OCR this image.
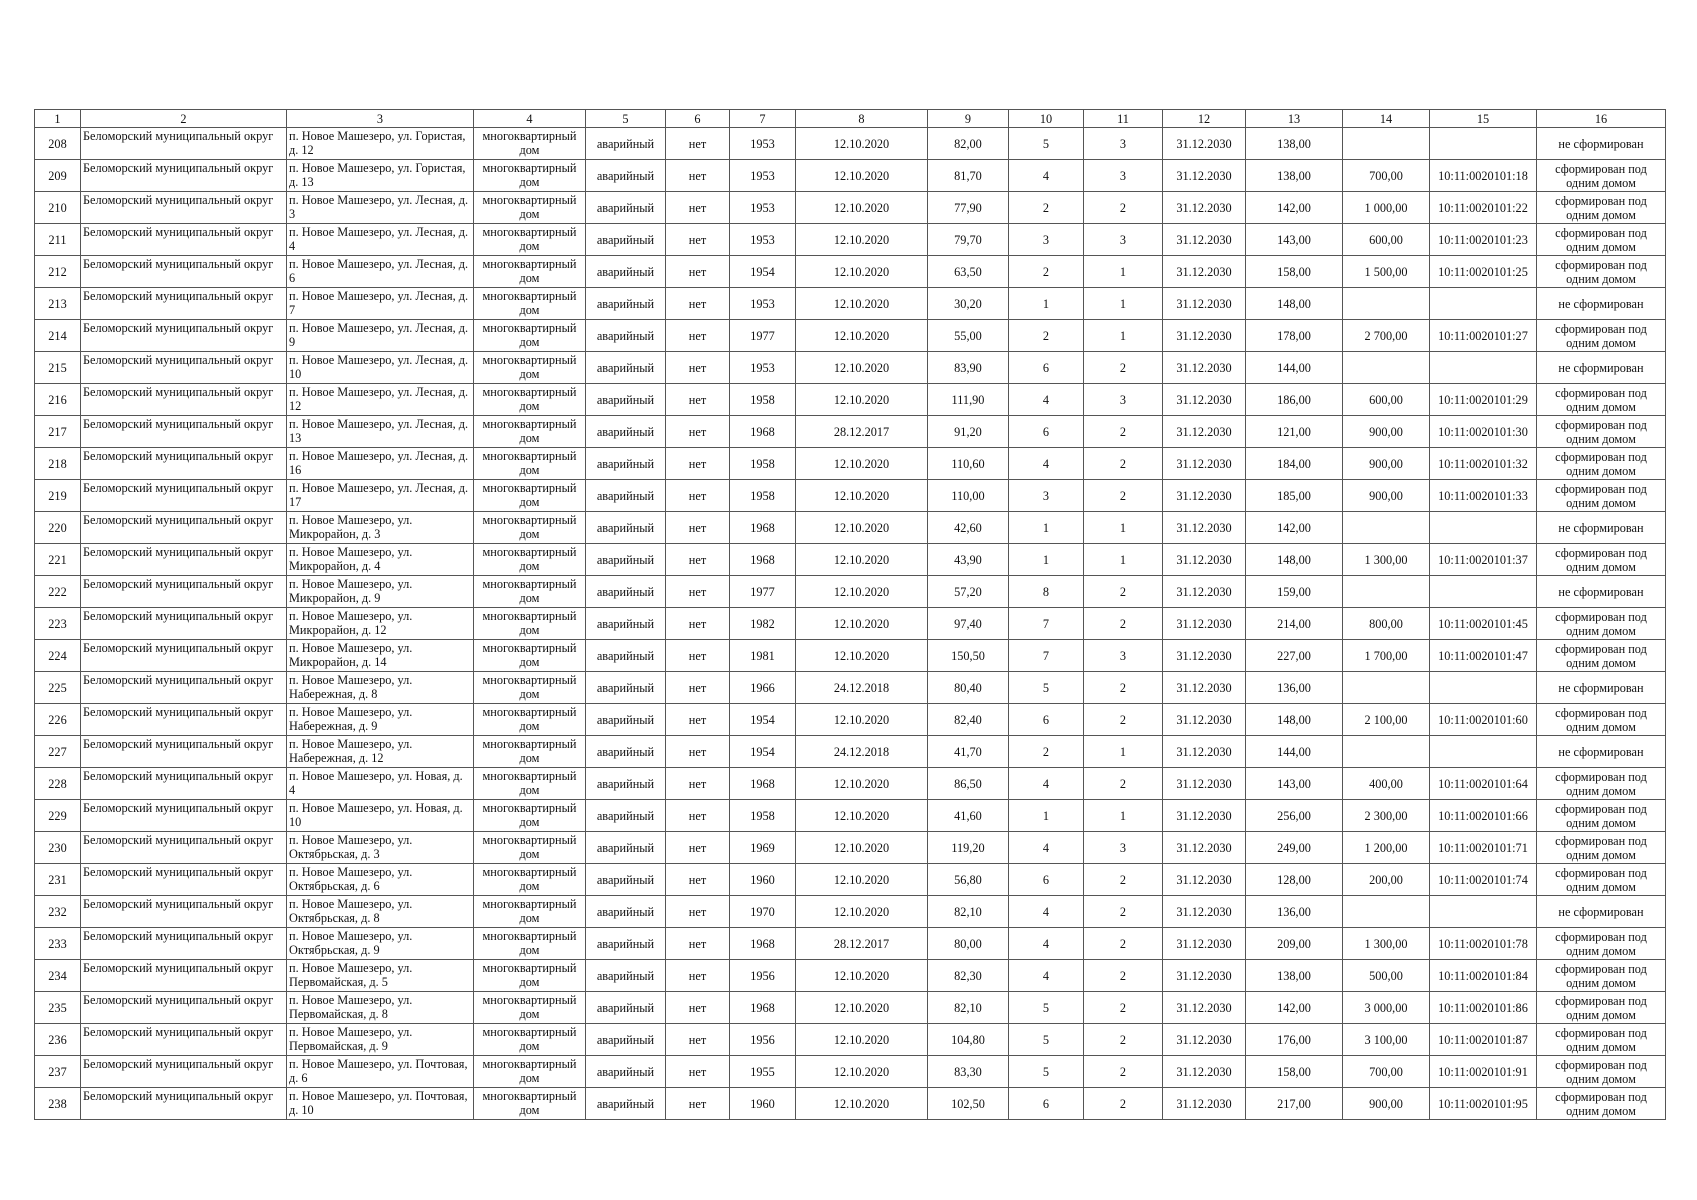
1	2	3	4	5	6	7	8	9	10	11	12	13	14	15	16
208	Беломорский муниципальный округ	п. Новое Машезеро, ул. Гористая, д. 12	многоквартирный дом	аварийный	нет	1953	12.10.2020	82,00	5	3	31.12.2030	138,00			не сформирован
209	Беломорский муниципальный округ	п. Новое Машезеро, ул. Гористая, д. 13	многоквартирный дом	аварийный	нет	1953	12.10.2020	81,70	4	3	31.12.2030	138,00	700,00	10:11:0020101:18	сформирован под одним домом
210	Беломорский муниципальный округ	п. Новое Машезеро, ул. Лесная, д. 3	многоквартирный дом	аварийный	нет	1953	12.10.2020	77,90	2	2	31.12.2030	142,00	1 000,00	10:11:0020101:22	сформирован под одним домом
211	Беломорский муниципальный округ	п. Новое Машезеро, ул. Лесная, д. 4	многоквартирный дом	аварийный	нет	1953	12.10.2020	79,70	3	3	31.12.2030	143,00	600,00	10:11:0020101:23	сформирован под одним домом
212	Беломорский муниципальный округ	п. Новое Машезеро, ул. Лесная, д. 6	многоквартирный дом	аварийный	нет	1954	12.10.2020	63,50	2	1	31.12.2030	158,00	1 500,00	10:11:0020101:25	сформирован под одним домом
213	Беломорский муниципальный округ	п. Новое Машезеро, ул. Лесная, д. 7	многоквартирный дом	аварийный	нет	1953	12.10.2020	30,20	1	1	31.12.2030	148,00			не сформирован
214	Беломорский муниципальный округ	п. Новое Машезеро, ул. Лесная, д. 9	многоквартирный дом	аварийный	нет	1977	12.10.2020	55,00	2	1	31.12.2030	178,00	2 700,00	10:11:0020101:27	сформирован под одним домом
215	Беломорский муниципальный округ	п. Новое Машезеро, ул. Лесная, д. 10	многоквартирный дом	аварийный	нет	1953	12.10.2020	83,90	6	2	31.12.2030	144,00			не сформирован
216	Беломорский муниципальный округ	п. Новое Машезеро, ул. Лесная, д. 12	многоквартирный дом	аварийный	нет	1958	12.10.2020	111,90	4	3	31.12.2030	186,00	600,00	10:11:0020101:29	сформирован под одним домом
217	Беломорский муниципальный округ	п. Новое Машезеро, ул. Лесная, д. 13	многоквартирный дом	аварийный	нет	1968	28.12.2017	91,20	6	2	31.12.2030	121,00	900,00	10:11:0020101:30	сформирован под одним домом
218	Беломорский муниципальный округ	п. Новое Машезеро, ул. Лесная, д. 16	многоквартирный дом	аварийный	нет	1958	12.10.2020	110,60	4	2	31.12.2030	184,00	900,00	10:11:0020101:32	сформирован под одним домом
219	Беломорский муниципальный округ	п. Новое Машезеро, ул. Лесная, д. 17	многоквартирный дом	аварийный	нет	1958	12.10.2020	110,00	3	2	31.12.2030	185,00	900,00	10:11:0020101:33	сформирован под одним домом
220	Беломорский муниципальный округ	п. Новое Машезеро, ул. Микрорайон, д. 3	многоквартирный дом	аварийный	нет	1968	12.10.2020	42,60	1	1	31.12.2030	142,00			не сформирован
221	Беломорский муниципальный округ	п. Новое Машезеро, ул. Микрорайон, д. 4	многоквартирный дом	аварийный	нет	1968	12.10.2020	43,90	1	1	31.12.2030	148,00	1 300,00	10:11:0020101:37	сформирован под одним домом
222	Беломорский муниципальный округ	п. Новое Машезеро, ул. Микрорайон, д. 9	многоквартирный дом	аварийный	нет	1977	12.10.2020	57,20	8	2	31.12.2030	159,00			не сформирован
223	Беломорский муниципальный округ	п. Новое Машезеро, ул. Микрорайон, д. 12	многоквартирный дом	аварийный	нет	1982	12.10.2020	97,40	7	2	31.12.2030	214,00	800,00	10:11:0020101:45	сформирован под одним домом
224	Беломорский муниципальный округ	п. Новое Машезеро, ул. Микрорайон, д. 14	многоквартирный дом	аварийный	нет	1981	12.10.2020	150,50	7	3	31.12.2030	227,00	1 700,00	10:11:0020101:47	сформирован под одним домом
225	Беломорский муниципальный округ	п. Новое Машезеро, ул. Набережная, д. 8	многоквартирный дом	аварийный	нет	1966	24.12.2018	80,40	5	2	31.12.2030	136,00			не сформирован
226	Беломорский муниципальный округ	п. Новое Машезеро, ул. Набережная, д. 9	многоквартирный дом	аварийный	нет	1954	12.10.2020	82,40	6	2	31.12.2030	148,00	2 100,00	10:11:0020101:60	сформирован под одним домом
227	Беломорский муниципальный округ	п. Новое Машезеро, ул. Набережная, д. 12	многоквартирный дом	аварийный	нет	1954	24.12.2018	41,70	2	1	31.12.2030	144,00			не сформирован
228	Беломорский муниципальный округ	п. Новое Машезеро, ул. Новая, д. 4	многоквартирный дом	аварийный	нет	1968	12.10.2020	86,50	4	2	31.12.2030	143,00	400,00	10:11:0020101:64	сформирован под одним домом
229	Беломорский муниципальный округ	п. Новое Машезеро, ул. Новая, д. 10	многоквартирный дом	аварийный	нет	1958	12.10.2020	41,60	1	1	31.12.2030	256,00	2 300,00	10:11:0020101:66	сформирован под одним домом
230	Беломорский муниципальный округ	п. Новое Машезеро, ул. Октябрьская, д. 3	многоквартирный дом	аварийный	нет	1969	12.10.2020	119,20	4	3	31.12.2030	249,00	1 200,00	10:11:0020101:71	сформирован под одним домом
231	Беломорский муниципальный округ	п. Новое Машезеро, ул. Октябрьская, д. 6	многоквартирный дом	аварийный	нет	1960	12.10.2020	56,80	6	2	31.12.2030	128,00	200,00	10:11:0020101:74	сформирован под одним домом
232	Беломорский муниципальный округ	п. Новое Машезеро, ул. Октябрьская, д. 8	многоквартирный дом	аварийный	нет	1970	12.10.2020	82,10	4	2	31.12.2030	136,00			не сформирован
233	Беломорский муниципальный округ	п. Новое Машезеро, ул. Октябрьская, д. 9	многоквартирный дом	аварийный	нет	1968	28.12.2017	80,00	4	2	31.12.2030	209,00	1 300,00	10:11:0020101:78	сформирован под одним домом
234	Беломорский муниципальный округ	п. Новое Машезеро, ул. Первомайская, д. 5	многоквартирный дом	аварийный	нет	1956	12.10.2020	82,30	4	2	31.12.2030	138,00	500,00	10:11:0020101:84	сформирован под одним домом
235	Беломорский муниципальный округ	п. Новое Машезеро, ул. Первомайская, д. 8	многоквартирный дом	аварийный	нет	1968	12.10.2020	82,10	5	2	31.12.2030	142,00	3 000,00	10:11:0020101:86	сформирован под одним домом
236	Беломорский муниципальный округ	п. Новое Машезеро, ул. Первомайская, д. 9	многоквартирный дом	аварийный	нет	1956	12.10.2020	104,80	5	2	31.12.2030	176,00	3 100,00	10:11:0020101:87	сформирован под одним домом
237	Беломорский муниципальный округ	п. Новое Машезеро, ул. Почтовая, д. 6	многоквартирный дом	аварийный	нет	1955	12.10.2020	83,30	5	2	31.12.2030	158,00	700,00	10:11:0020101:91	сформирован под одним домом
238	Беломорский муниципальный округ	п. Новое Машезеро, ул. Почтовая, д. 10	многоквартирный дом	аварийный	нет	1960	12.10.2020	102,50	6	2	31.12.2030	217,00	900,00	10:11:0020101:95	сформирован под одним домом
